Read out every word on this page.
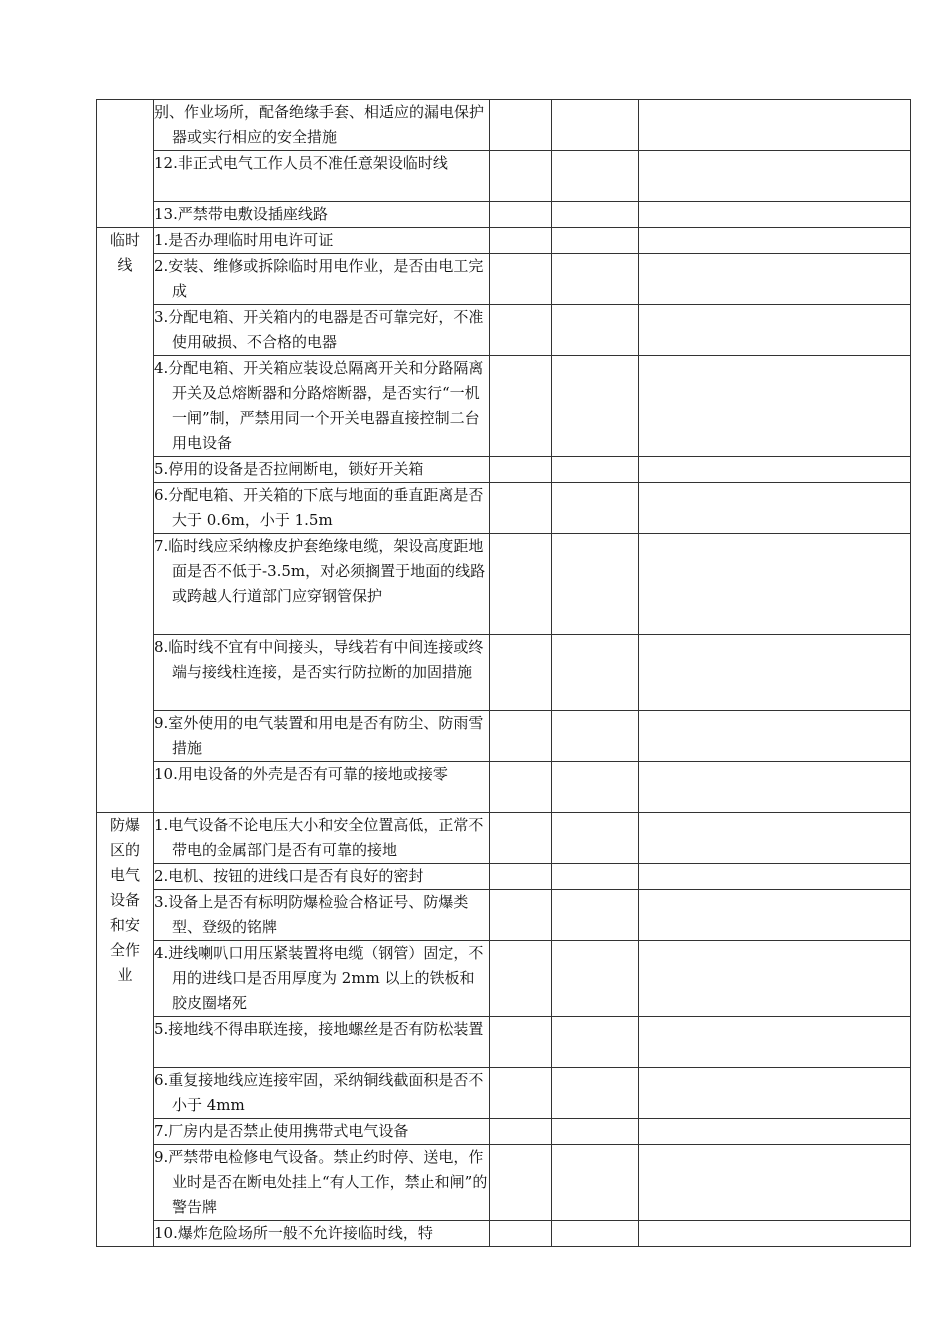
	别、作业场所，配备绝缘手套、相适应的漏电保护器或实行相应的安全措施			

	12.非正式电气工作人员不准任意架设临时线			

	13.严禁带电敷设插座线路			

临时线	1.是否办理临时用电许可证			

	2.安装、维修或拆除临时用电作业，是否由电工完成			

	3.分配电箱、开关箱内的电器是否可靠完好，不准使用破损、不合格的电器			

	4.分配电箱、开关箱应装设总隔离开关和分路隔离开关及总熔断器和分路熔断器，是否实行“一机一闸”制，严禁用同一个开关电器直接控制二台用电设备			

	5.停用的设备是否拉闸断电，锁好开关箱			

	6.分配电箱、开关箱的下底与地面的垂直距离是否大于 0.6m，小于 1.5m			

	7.临时线应采纳橡皮护套绝缘电缆，架设高度距地面是否不低于-3.5m，对必须搁置于地面的线路或跨越人行道部门应穿钢管保护			

	8.临时线不宜有中间接头，导线若有中间连接或终端与接线柱连接，是否实行防拉断的加固措施			

	9.室外使用的电气装置和用电是否有防尘、防雨雪措施			

	10.用电设备的外壳是否有可靠的接地或接零			

防爆区的电气设备和安全作业	1.电气设备不论电压大小和安全位置高低，正常不带电的金属部门是否有可靠的接地			

	2.电机、按钮的进线口是否有良好的密封			

	3.设备上是否有标明防爆检验合格证号、防爆类型、登级的铭牌			

	4.进线喇叭口用压紧装置将电缆（钢管）固定，不用的进线口是否用厚度为 2mm 以上的铁板和胶皮圈堵死			

	5.接地线不得串联连接，接地螺丝是否有防松装置			

	6.重复接地线应连接牢固，采纳铜线截面积是否不小于 4mm			

	7.厂房内是否禁止使用携带式电气设备			

	9.严禁带电检修电气设备。禁止约时停、送电，作业时是否在断电处挂上“有人工作，禁止和闸”的警告牌			

	10.爆炸危险场所一般不允许接临时线，特			
